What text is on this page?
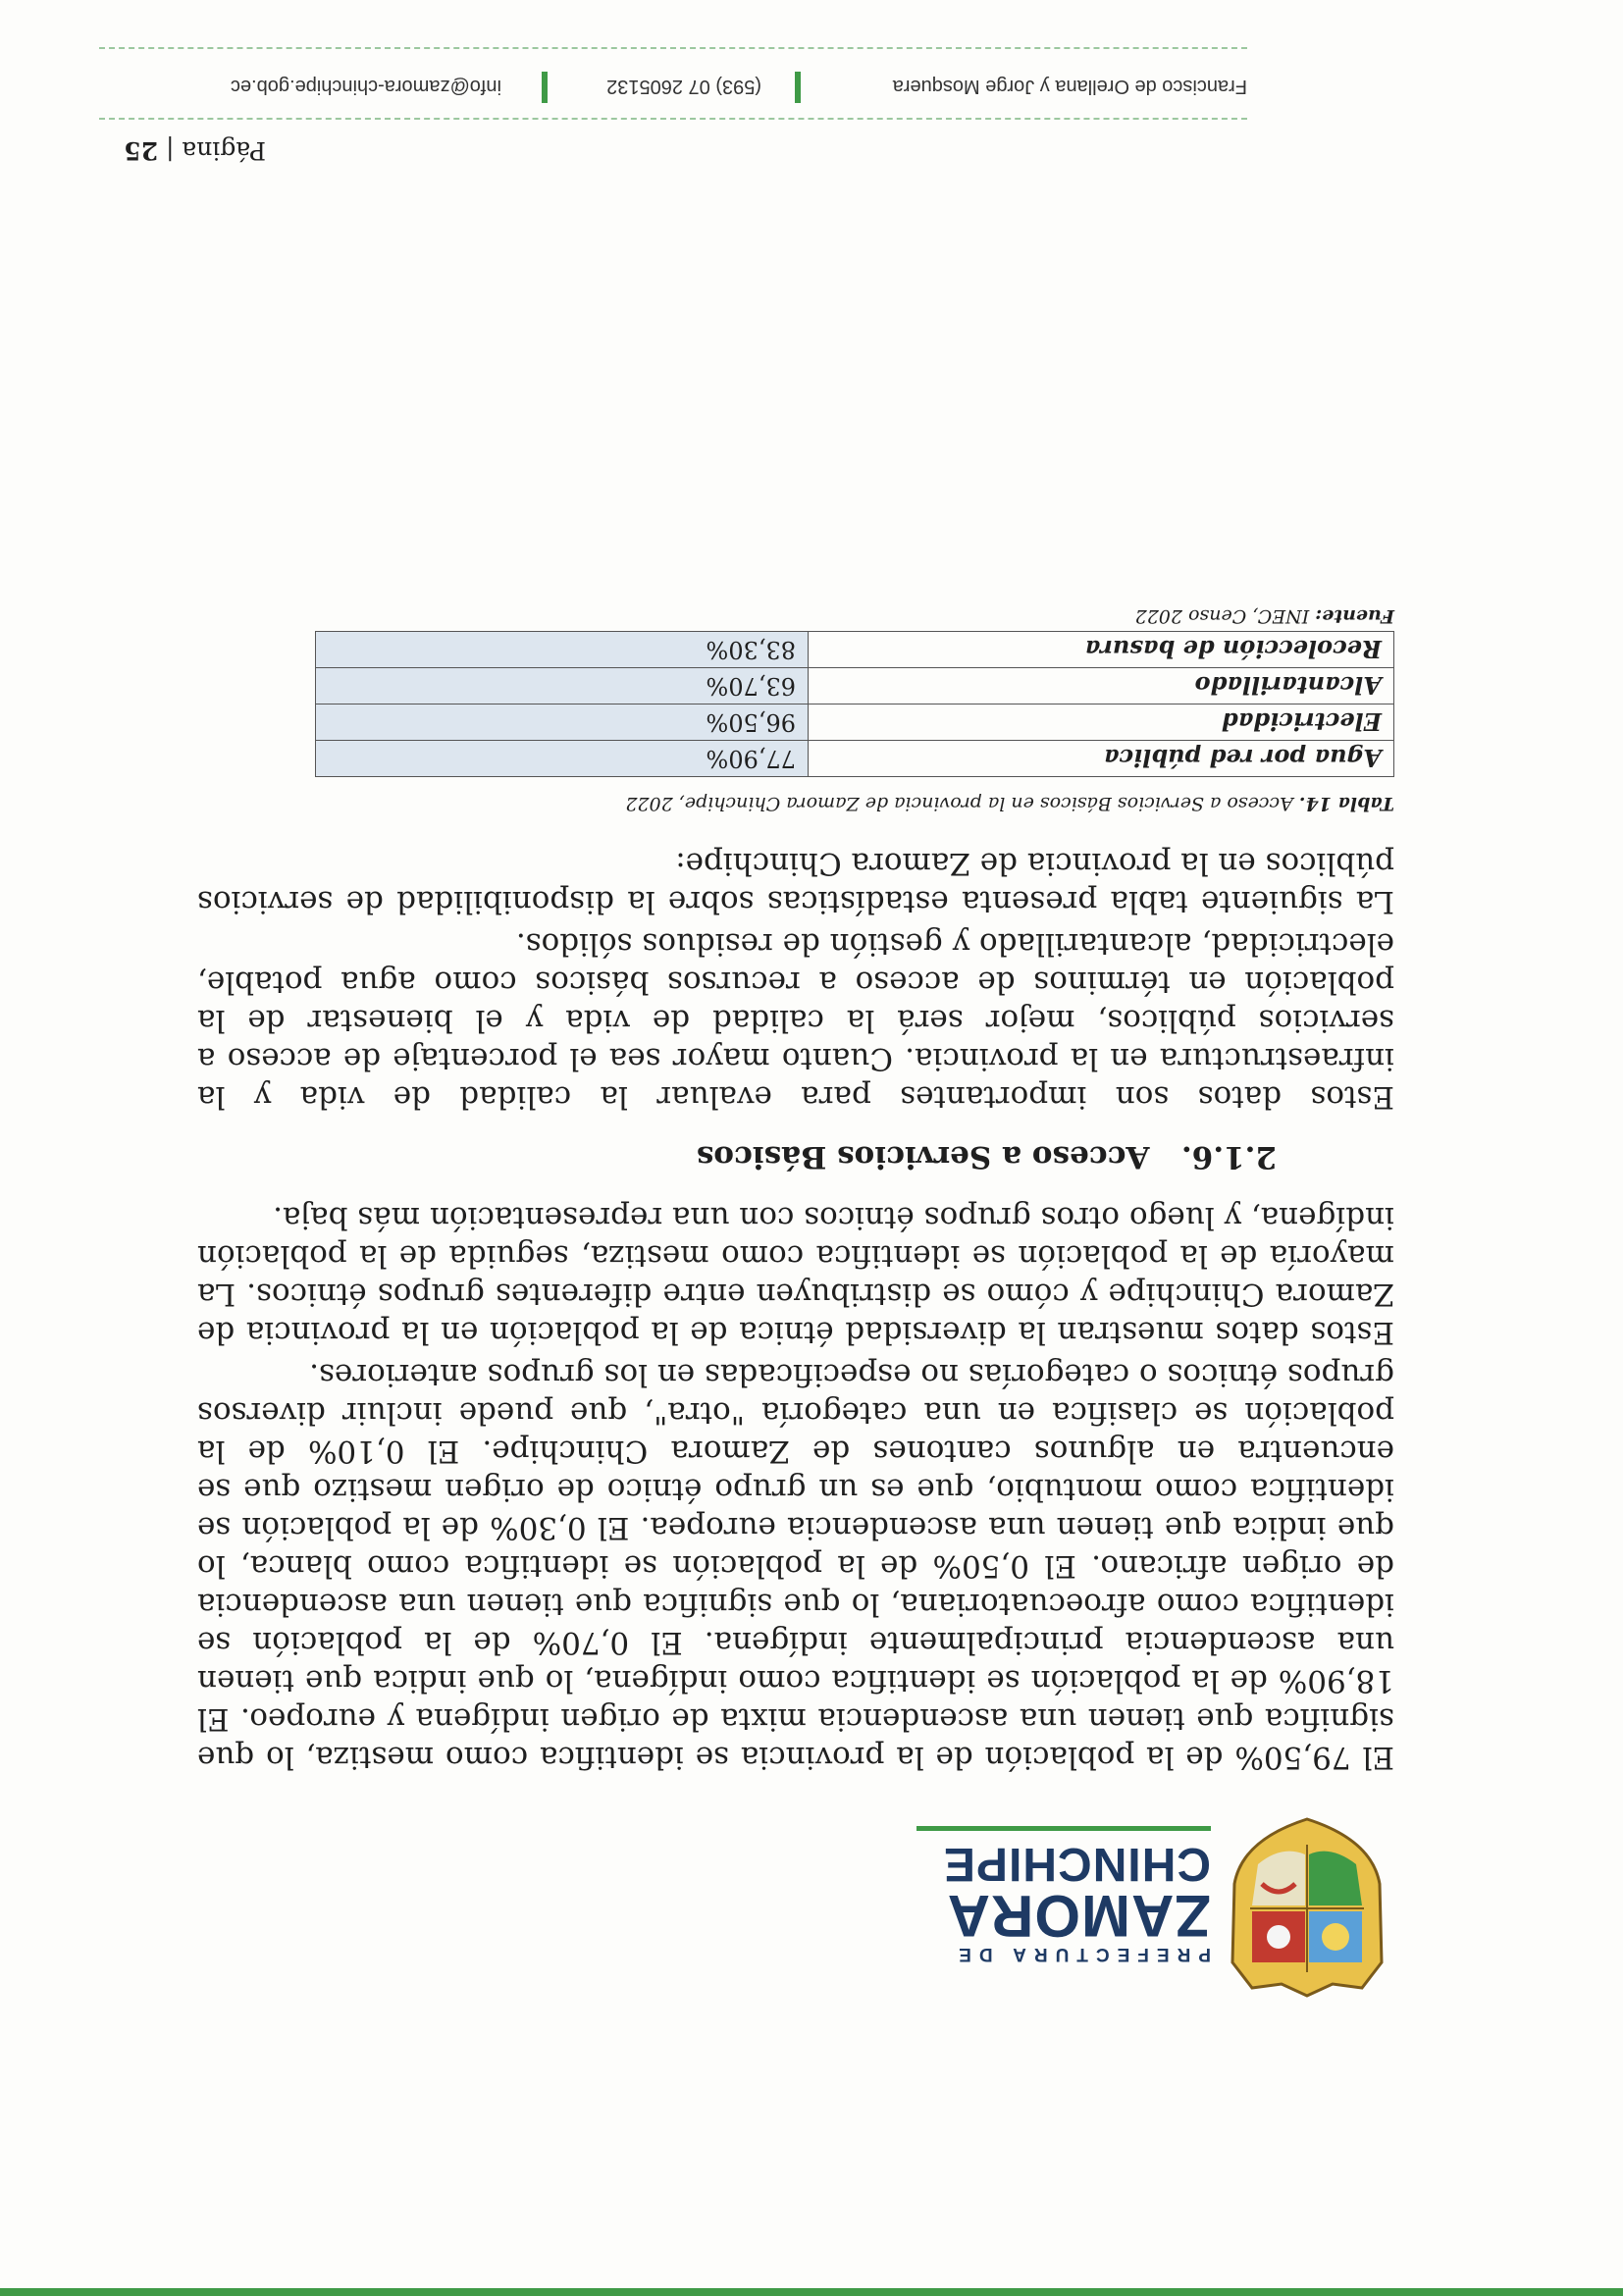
PREFECTURA DE
ZAMORA
CHINCHIPE

El 79,50% de la población de la provincia se identifica como mestiza, lo que significa que tienen una ascendencia mixta de origen indígena y europeo. El 18,90% de la población se identifica como indígena, lo que indica que tienen una ascendencia principalmente indígena. El 0,70% de la población se identifica como afroecuatoriana, lo que significa que tienen una ascendencia de origen africano. El 0,50% de la población se identifica como blanca, lo que indica que tienen una ascendencia europea. El 0,30% de la población se identifica como montubio, que es un grupo étnico de origen mestizo que se encuentra en algunos cantones de Zamora Chinchipe. El 0,10% de la población se clasifica en una categoría "otra", que puede incluir diversos grupos étnicos o categorías no especificadas en los grupos anteriores.

Estos datos muestran la diversidad étnica de la población en la provincia de Zamora Chinchipe y cómo se distribuyen entre diferentes grupos étnicos. La mayoría de la población se identifica como mestiza, seguida de la población indígena, y luego otros grupos étnicos con una representación más baja.

2.1.6.   Acceso a Servicios Básicos

Estos datos son importantes para evaluar la calidad de vida y la infraestructura en la provincia. Cuanto mayor sea el porcentaje de acceso a servicios públicos, mejor será la calidad de vida y el bienestar de la población en términos de acceso a recursos básicos como agua potable, electricidad, alcantarillado y gestión de residuos sólidos.

La siguiente tabla presenta estadísticas sobre la disponibilidad de servicios públicos en la provincia de Zamora Chinchipe:

Tabla 14. Acceso a Servicios Básicos en la provincia de Zamora Chinchipe, 2022
Agua por red pública	77,90%
Electricidad	96,50%
Alcantarillado	63,70%
Recolección de basura	83,30%
Fuente: INEC, Censo 2022
Página | 25
Francisco de Orellana y Jorge Mosquera
(593) 07 2605132
info@zamora-chinchipe.gob.ec
